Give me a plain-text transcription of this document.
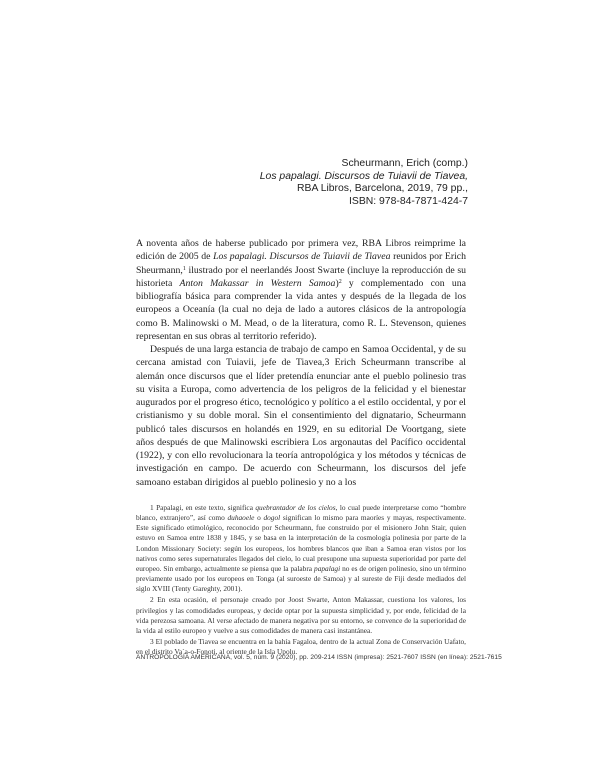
Scheurmann, Erich (comp.)
Los papalagi. Discursos de Tuiavii de Tiavea,
RBA Libros, Barcelona, 2019, 79 pp.,
ISBN: 978-84-7871-424-7

A noventa años de haberse publicado por primera vez, RBA Libros reimprime la edición de 2005 de Los papalagi. Discursos de Tuiavii de Tiavea reunidos por Erich Sheurmann,$^1$ ilustrado por el neerlandés Joost Swarte (incluye la reproducción de su historieta Anton Makassar in Western Samoa)$^2$ y complementado con una bibliografía básica para comprender la vida antes y después de la llegada de los europeos a Oceanía (la cual no deja de lado a autores clásicos de la antropología como B. Malinowski o M. Mead, o de la literatura, como R. L. Stevenson, quienes representan en sus obras al territorio referido).

Después de una larga estancia de trabajo de campo en Samoa Occidental, y de su cercana amistad con Tuiavii, jefe de Tiavea,3 Erich Scheurmann transcribe al alemán once discursos que el líder pretendía enunciar ante el pueblo polinesio tras su visita a Europa, como advertencia de los peligros de la felicidad y el bienestar augurados por el progreso ético, tecnológico y político a el estilo occidental, y por el cristianismo y su doble moral. Sin el consentimiento del dignatario, Scheurmann publicó tales discursos en holandés en 1929, en su editorial De Voortgang, siete años después de que Malinowski escribiera Los argonautas del Pacífico occidental (1922), y con ello revolucionara la teoría antropológica y los métodos y técnicas de investigación en campo. De acuerdo con Scheurmann, los discursos del jefe samoano estaban dirigidos al pueblo polinesio y no a los

1 Papalagi, en este texto, significa quebrantador de los cielos, lo cual puede interpretarse como “hombre blanco, extranjero”, así como duhaoele o dogol significan lo mismo para maoríes y mayas, respectivamente. Este significado etimológico, reconocido por Scheurmann, fue construido por el misionero John Stair, quien estuvo en Samoa entre 1838 y 1845, y se basa en la interpretación de la cosmología polinesia por parte de la London Missionary Society: según los europeos, los hombres blancos que iban a Samoa eran vistos por los nativos como seres supernaturales llegados del cielo, lo cual presupone una supuesta superioridad por parte del europeo. Sin embargo, actualmente se piensa que la palabra papalagi no es de origen polinesio, sino un término previamente usado por los europeos en Tonga (al suroeste de Samoa) y al sureste de Fiji desde mediados del siglo XVIII (Tenty Gareghty, 2001).

2 En esta ocasión, el personaje creado por Joost Swarte, Anton Makassar, cuestiona los valores, los privilegios y las comodidades europeas, y decide optar por la supuesta simplicidad y, por ende, felicidad de la vida perezosa samoana. Al verse afectado de manera negativa por su entorno, se convence de la superioridad de la vida al estilo europeo y vuelve a sus comodidades de manera casi instantánea.

3 El poblado de Tiavea se encuentra en la bahía Fagaloa, dentro de la actual Zona de Conservación Uafato, en el distrito Va´a-o-Fonoti, al oriente de la Isla Upolu.

ANTROPOLOGÍA AMERICANA, vol. 5, núm. 9 (2020), pp. 209-214 ISSN (impresa): 2521-7607 ISSN (en línea): 2521-7615
